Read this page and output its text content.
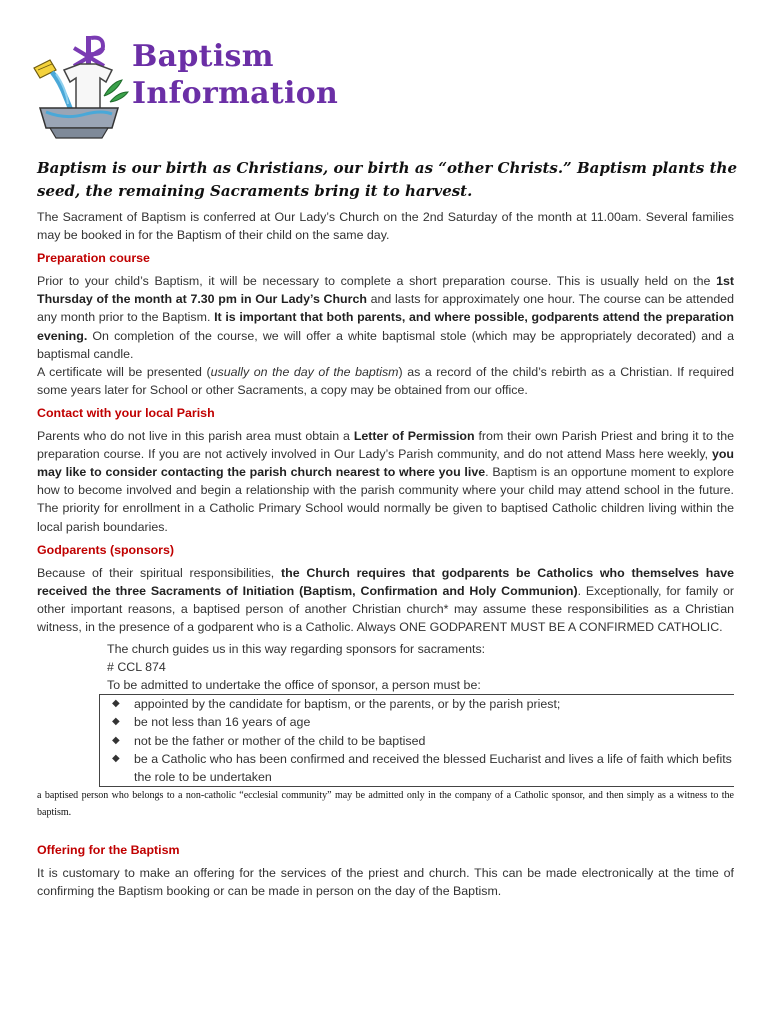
Baptism
Information

Baptism is our birth as Christians, our birth as “other Christs.” Baptism plants the seed, the remaining Sacraments bring it to harvest.

The Sacrament of Baptism is conferred at Our Lady’s Church on the 2nd Saturday of the month at 11.00am. Several families may be booked in for the Baptism of their child on the same day.

Preparation course

Prior to your child’s Baptism, it will be necessary to complete a short preparation course. This is usually held on the 1st Thursday of the month at 7.30 pm in Our Lady’s Church and lasts for approximately one hour. The course can be attended any month prior to the Baptism. It is important that both parents, and where possible, godparents attend the preparation evening. On completion of the course, we will offer a white baptismal stole (which may be appropriately decorated) and a baptismal candle.

A certificate will be presented (usually on the day of the baptism) as a record of the child’s rebirth as a Christian. If required some years later for School or other Sacraments, a copy may be obtained from our office.

Contact with your local Parish

Parents who do not live in this parish area must obtain a Letter of Permission from their own Parish Priest and bring it to the preparation course. If you are not actively involved in Our Lady’s Parish community, and do not attend Mass here weekly, you may like to consider contacting the parish church nearest to where you live. Baptism is an opportune moment to explore how to become involved and begin a relationship with the parish community where your child may attend school in the future. The priority for enrollment in a Catholic Primary School would normally be given to baptised Catholic children living within the local parish boundaries.

Godparents (sponsors)

Because of their spiritual responsibilities, the Church requires that godparents be Catholics who themselves have received the three Sacraments of Initiation (Baptism, Confirmation and Holy Communion). Exceptionally, for family or other important reasons, a baptised person of another Christian church* may assume these responsibilities as a Christian witness, in the presence of a godparent who is a Catholic. Always ONE GODPARENT MUST BE A CONFIRMED CATHOLIC.

The church guides us in this way regarding sponsors for sacraments:

# CCL 874

To be admitted to undertake the office of sponsor, a person must be:

◆ appointed by the candidate for baptism, or the parents, or by the parish priest;
◆ be not less than 16 years of age
◆ not be the father or mother of the child to be baptised
◆ be a Catholic who has been confirmed and received the blessed Eucharist and lives a life of faith which befits the role to be undertaken

a baptised person who belongs to a non-catholic “ecclesial community” may be admitted only in the company of a Catholic sponsor, and then simply as a witness to the baptism.

Offering for the Baptism

It is customary to make an offering for the services of the priest and church. This can be made electronically at the time of confirming the Baptism booking or can be made in person on the day of the Baptism.
